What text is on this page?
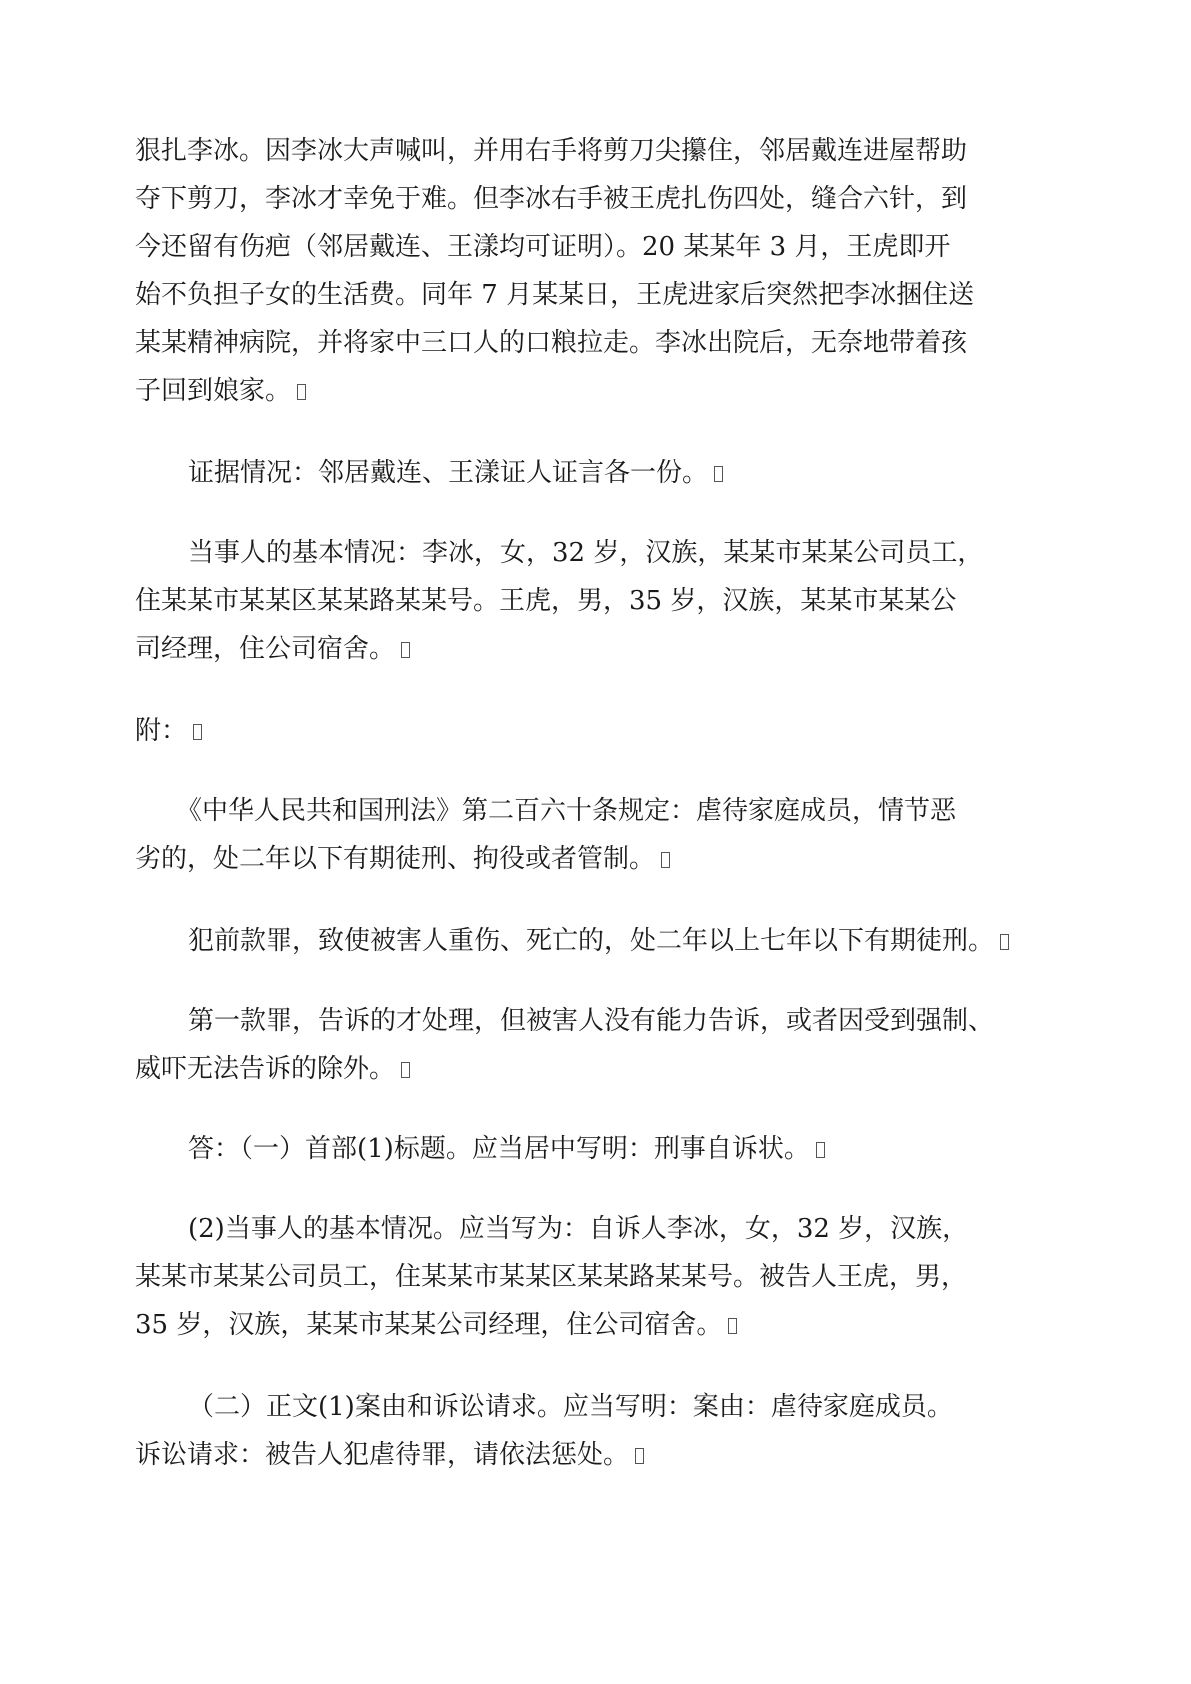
狠扎李冰。因李冰大声喊叫，并用右手将剪刀尖攥住，邻居戴连进屋帮助
夺下剪刀，李冰才幸免于难。但李冰右手被王虎扎伤四处，缝合六针，到
今还留有伤疤（邻居戴连、王漾均可证明）。20 某某年 3 月，王虎即开
始不负担子女的生活费。同年 7 月某某日，王虎进家后突然把李冰捆住送
某某精神病院，并将家中三口人的口粮拉走。李冰出院后，无奈地带着孩
子回到娘家。
证据情况：邻居戴连、王漾证人证言各一份。
当事人的基本情况：李冰，女，32 岁，汉族，某某市某某公司员工，
住某某市某某区某某路某某号。王虎，男，35 岁，汉族，某某市某某公
司经理，住公司宿舍。
附：
《中华人民共和国刑法》第二百六十条规定：虐待家庭成员，情节恶
劣的，处二年以下有期徒刑、拘役或者管制。
犯前款罪，致使被害人重伤、死亡的，处二年以上七年以下有期徒刑。
第一款罪，告诉的才处理，但被害人没有能力告诉，或者因受到强制、
威吓无法告诉的除外。
答：（一）首部(1)标题。应当居中写明：刑事自诉状。
(2)当事人的基本情况。应当写为：自诉人李冰，女，32 岁，汉族，
某某市某某公司员工，住某某市某某区某某路某某号。被告人王虎，男，
35 岁，汉族，某某市某某公司经理，住公司宿舍。
（二）正文(1)案由和诉讼请求。应当写明：案由：虐待家庭成员。
诉讼请求：被告人犯虐待罪，请依法惩处。
